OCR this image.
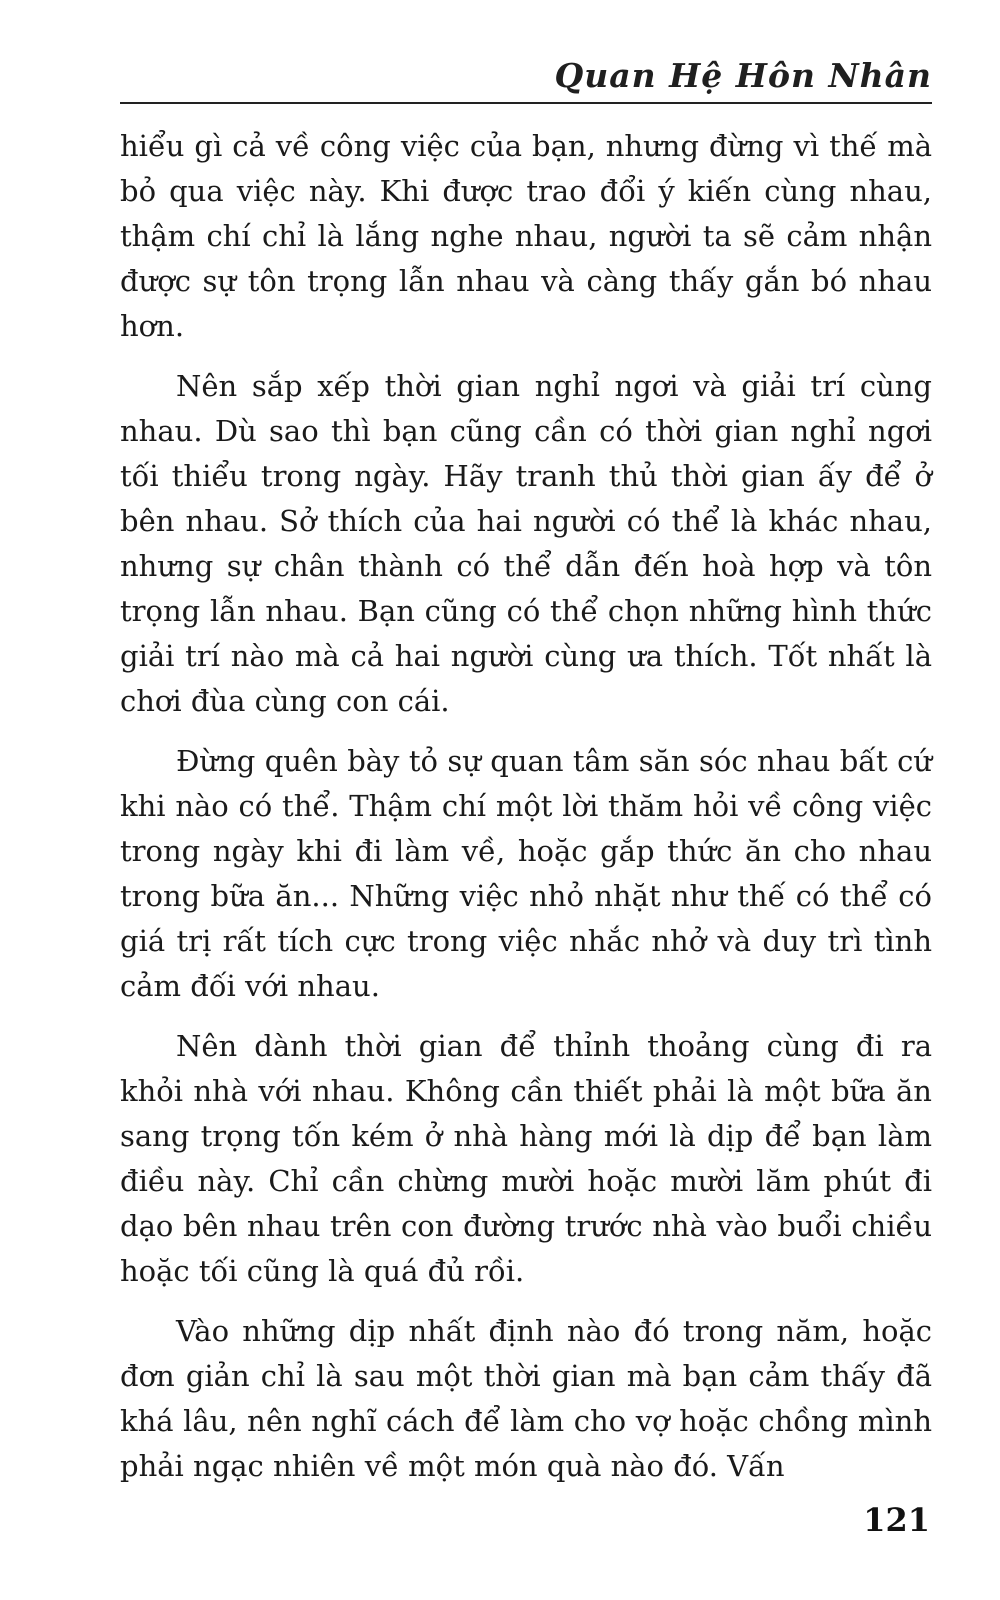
Quan Hệ Hôn Nhân

hiểu gì cả về công việc của bạn, nhưng đừng vì thế mà bỏ qua việc này. Khi được trao đổi ý kiến cùng nhau, thậm chí chỉ là lắng nghe nhau, người ta sẽ cảm nhận được sự tôn trọng lẫn nhau và càng thấy gắn bó nhau hơn.

Nên sắp xếp thời gian nghỉ ngơi và giải trí cùng nhau. Dù sao thì bạn cũng cần có thời gian nghỉ ngơi tối thiểu trong ngày. Hãy tranh thủ thời gian ấy để ở bên nhau. Sở thích của hai người có thể là khác nhau, nhưng sự chân thành có thể dẫn đến hoà hợp và tôn trọng lẫn nhau. Bạn cũng có thể chọn những hình thức giải trí nào mà cả hai người cùng ưa thích. Tốt nhất là chơi đùa cùng con cái.

Đừng quên bày tỏ sự quan tâm săn sóc nhau bất cứ khi nào có thể. Thậm chí một lời thăm hỏi về công việc trong ngày khi đi làm về, hoặc gắp thức ăn cho nhau trong bữa ăn... Những việc nhỏ nhặt như thế có thể có giá trị rất tích cực trong việc nhắc nhở và duy trì tình cảm đối với nhau.

Nên dành thời gian để thỉnh thoảng cùng đi ra khỏi nhà với nhau. Không cần thiết phải là một bữa ăn sang trọng tốn kém ở nhà hàng mới là dịp để bạn làm điều này. Chỉ cần chừng mười hoặc mười lăm phút đi dạo bên nhau trên con đường trước nhà vào buổi chiều hoặc tối cũng là quá đủ rồi.

Vào những dịp nhất định nào đó trong năm, hoặc đơn giản chỉ là sau một thời gian mà bạn cảm thấy đã khá lâu, nên nghĩ cách để làm cho vợ hoặc chồng mình phải ngạc nhiên về một món quà nào đó. Vấn

121
